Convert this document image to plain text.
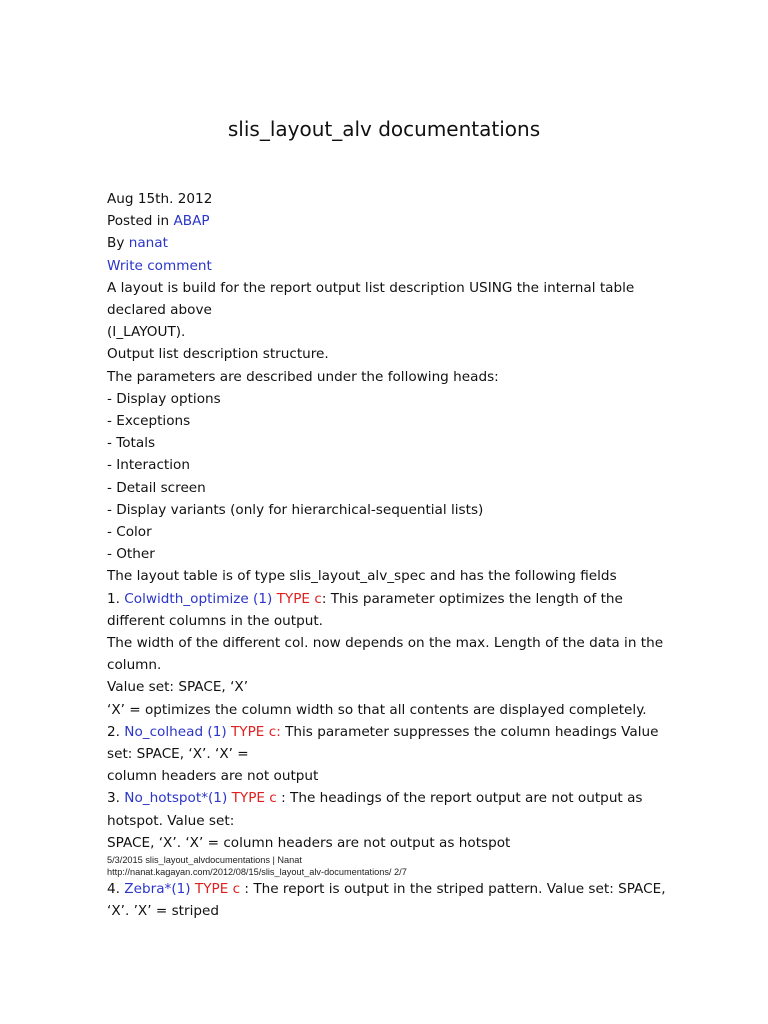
slis_layout_alv documentations
Aug 15th. 2012
Posted in ABAP
By nanat
Write comment
A layout is build for the report output list description USING the internal table
declared above
(I_LAYOUT).
Output list description structure.
The parameters are described under the following heads:
- Display options
- Exceptions
- Totals
- Interaction
- Detail screen
- Display variants (only for hierarchical-sequential lists)
- Color
- Other
The layout table is of type slis_layout_alv_spec and has the following fields
1. Colwidth_optimize (1) TYPE c: This parameter optimizes the length of the
different columns in the output.
The width of the different col. now depends on the max. Length of the data in the
column.
Value set: SPACE, ‘X’
‘X’ = optimizes the column width so that all contents are displayed completely.
2. No_colhead (1) TYPE c: This parameter suppresses the column headings Value
set: SPACE, ‘X’. ‘X’ =
column headers are not output
3. No_hotspot*(1) TYPE c : The headings of the report output are not output as
hotspot. Value set:
SPACE, ‘X’. ‘X’ = column headers are not output as hotspot
5/3/2015 slis_layout_alvdocumentations | Nanat
http://nanat.kagayan.com/2012/08/15/slis_layout_alv-documentations/ 2/7
4. Zebra*(1) TYPE c : The report is output in the striped pattern. Value set: SPACE,
‘X’. ’X’ = striped
